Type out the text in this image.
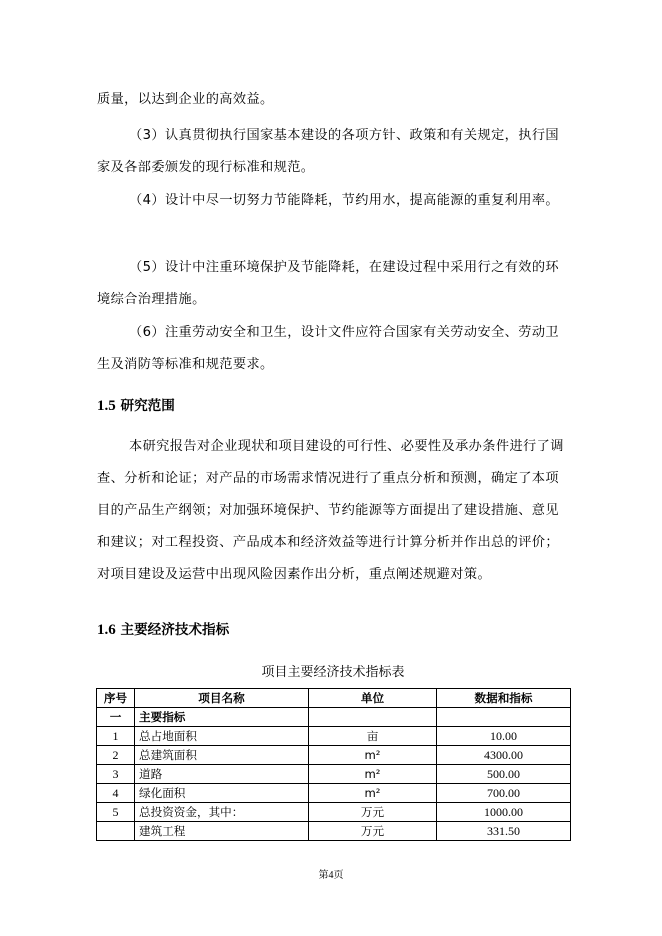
质量，以达到企业的高效益。

（3）认真贯彻执行国家基本建设的各项方针、政策和有关规定，执行国家及各部委颁发的现行标准和规范。

（4）设计中尽一切努力节能降耗，节约用水，提高能源的重复利用率。

（5）设计中注重环境保护及节能降耗，在建设过程中采用行之有效的环境综合治理措施。

（6）注重劳动安全和卫生，设计文件应符合国家有关劳动安全、劳动卫生及消防等标准和规范要求。

1.5 研究范围

本研究报告对企业现状和项目建设的可行性、必要性及承办条件进行了调查、分析和论证；对产品的市场需求情况进行了重点分析和预测，确定了本项目的产品生产纲领；对加强环境保护、节约能源等方面提出了建设措施、意见和建议；对工程投资、产品成本和经济效益等进行计算分析并作出总的评价；对项目建设及运营中出现风险因素作出分析，重点阐述规避对策。

1.6 主要经济技术指标

项目主要经济技术指标表

序号	项目名称	单位	数据和指标
一	主要指标		
1	总占地面积	亩	10.00
2	总建筑面积	m²	4300.00
3	道路	m²	500.00
4	绿化面积	m²	700.00
5	总投资资金，其中：	万元	1000.00
	建筑工程	万元	331.50

第4页
